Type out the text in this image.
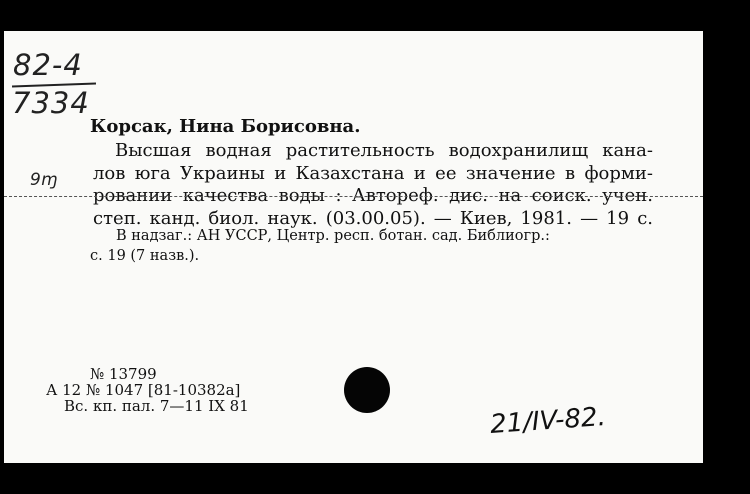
82-4
7334
9ɱ
Корсак, Нина Борисовна.
Высшая водная растительность водохранилищ кана-
лов юга Украины и Казахстана и ее значение в форми-
ровании качества воды : Автореф. дис. на соиск. учен.
степ. канд. биол. наук. (03.00.05). — Киев, 1981. — 19 с.
В надзаг.: АН УССР, Центр. респ. ботан. сад. Библиогр.:
с. 19 (7 назв.).
№ 13799
А 12 № 1047 [81-10382а]
Вс. кп. пал. 7—11 IX 81	21/IV-82.
